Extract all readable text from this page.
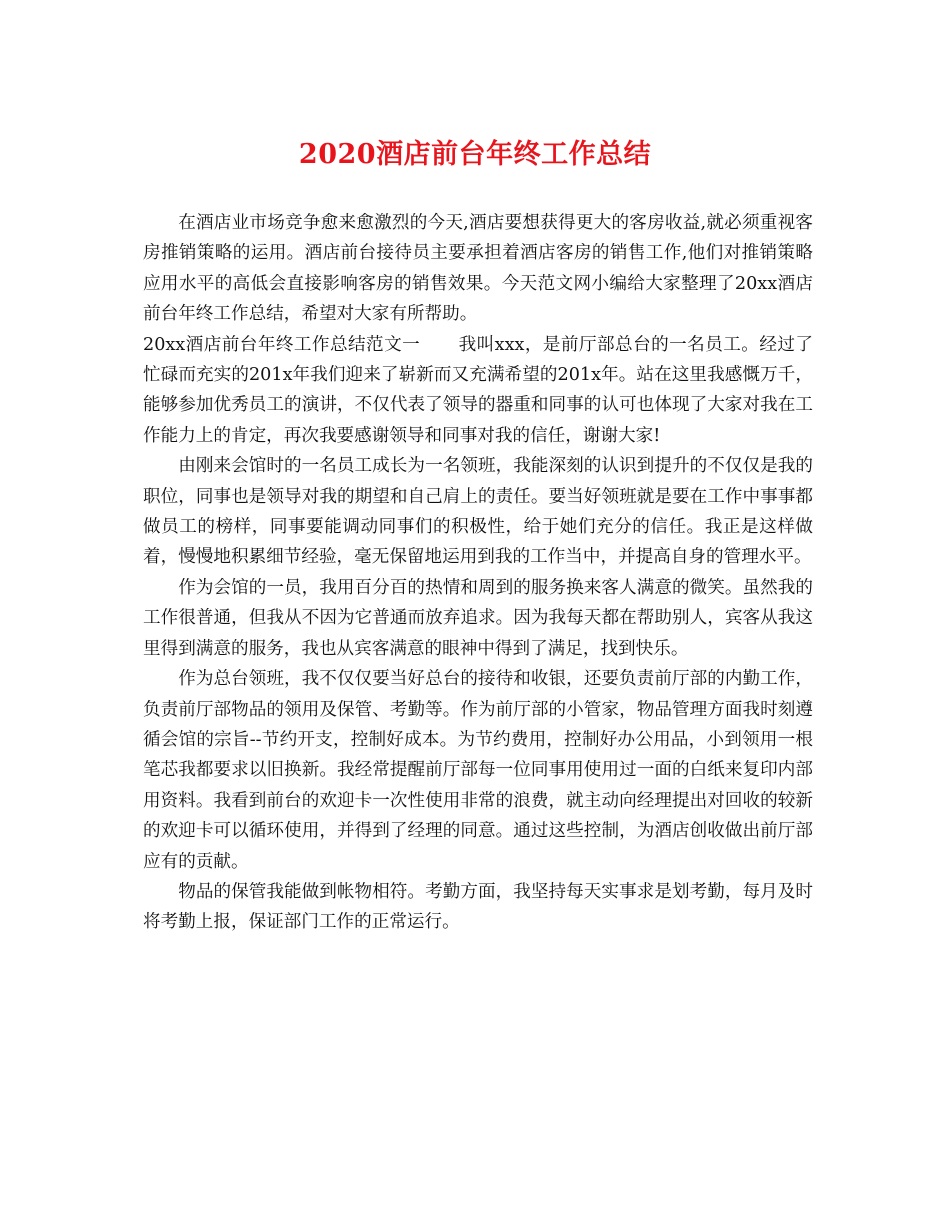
2020酒店前台年终工作总结

在酒店业市场竞争愈来愈激烈的今天,酒店要想获得更大的客房收益,就必须重视客房推销策略的运用。酒店前台接待员主要承担着酒店客房的销售工作,他们对推销策略应用水平的高低会直接影响客房的销售效果。今天范文网小编给大家整理了20xx酒店前台年终工作总结，希望对大家有所帮助。

20xx酒店前台年终工作总结范文一 我叫xxx，是前厅部总台的一名员工。经过了忙碌而充实的201x年我们迎来了崭新而又充满希望的201x年。站在这里我感慨万千，能够参加优秀员工的演讲，不仅代表了领导的器重和同事的认可也体现了大家对我在工作能力上的肯定，再次我要感谢领导和同事对我的信任，谢谢大家!

由刚来会馆时的一名员工成长为一名领班，我能深刻的认识到提升的不仅仅是我的职位，同事也是领导对我的期望和自己肩上的责任。要当好领班就是要在工作中事事都做员工的榜样，同事要能调动同事们的积极性，给于她们充分的信任。我正是这样做着，慢慢地积累细节经验，毫无保留地运用到我的工作当中，并提高自身的管理水平。

作为会馆的一员，我用百分百的热情和周到的服务换来客人满意的微笑。虽然我的工作很普通，但我从不因为它普通而放弃追求。因为我每天都在帮助别人，宾客从我这里得到满意的服务，我也从宾客满意的眼神中得到了满足，找到快乐。

作为总台领班，我不仅仅要当好总台的接待和收银，还要负责前厅部的内勤工作，负责前厅部物品的领用及保管、考勤等。作为前厅部的小管家，物品管理方面我时刻遵循会馆的宗旨--节约开支，控制好成本。为节约费用，控制好办公用品，小到领用一根笔芯我都要求以旧换新。我经常提醒前厅部每一位同事用使用过一面的白纸来复印内部用资料。我看到前台的欢迎卡一次性使用非常的浪费，就主动向经理提出对回收的较新的欢迎卡可以循环使用，并得到了经理的同意。通过这些控制，为酒店创收做出前厅部应有的贡献。

物品的保管我能做到帐物相符。考勤方面，我坚持每天实事求是划考勤，每月及时将考勤上报，保证部门工作的正常运行。
